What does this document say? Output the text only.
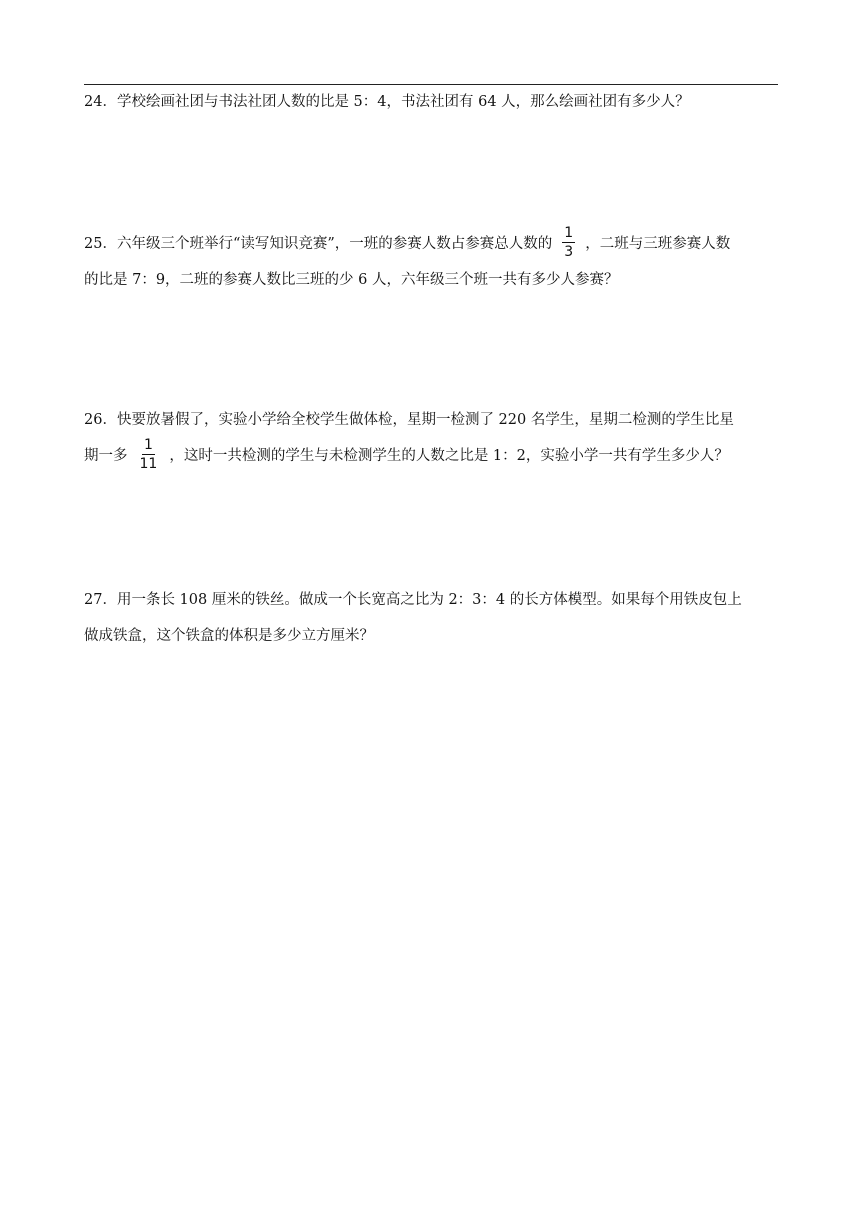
24．学校绘画社团与书法社团人数的比是 5：4，书法社团有 64 人，那么绘画社团有多少人？
25．六年级三个班举行“读写知识竞赛”，一班的参赛人数占参赛总人数的 $\frac{1}{3}$ ，二班与三班参赛人数
的比是 7：9，二班的参赛人数比三班的少 6 人，六年级三个班一共有多少人参赛？
26．快要放暑假了，实验小学给全校学生做体检，星期一检测了 220 名学生，星期二检测的学生比星
期一多 $\frac{1}{11}$ ，这时一共检测的学生与未检测学生的人数之比是 1：2，实验小学一共有学生多少人？
27．用一条长 108 厘米的铁丝。做成一个长宽高之比为 2：3：4 的长方体模型。如果每个用铁皮包上
做成铁盒，这个铁盒的体积是多少立方厘米？
